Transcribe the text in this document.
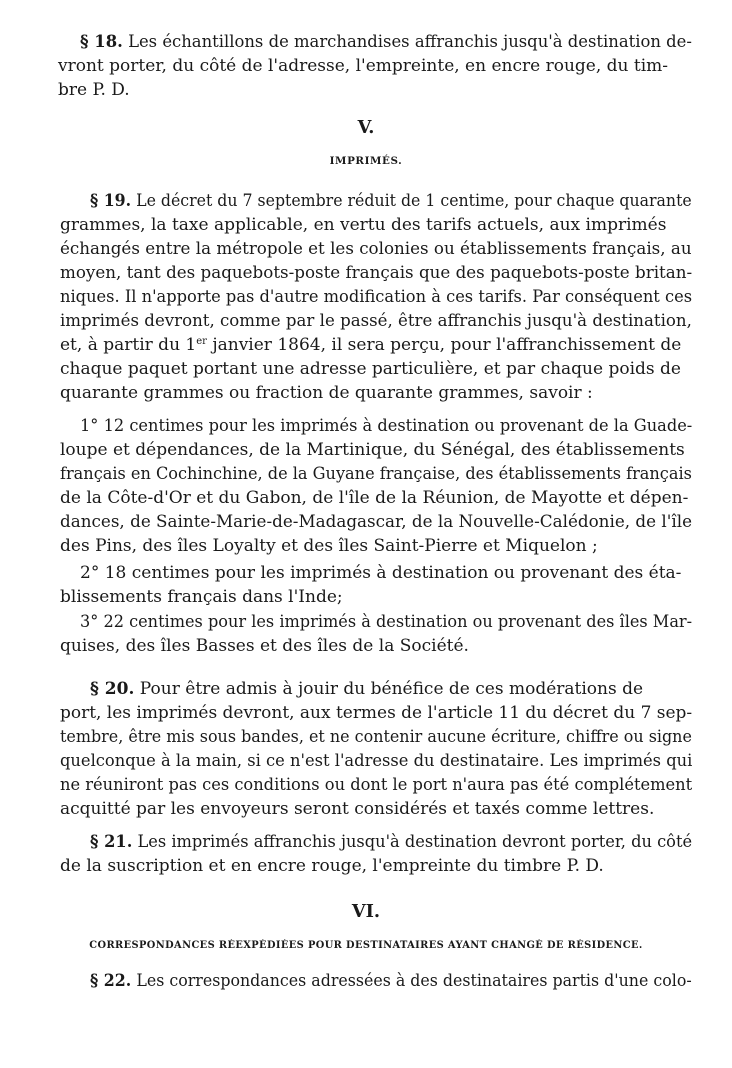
§ 18. Les échantillons de marchandises affranchis jusqu'à destination de-
vront porter, du côté de l'adresse, l'empreinte, en encre rouge, du tim-
bre P. D.
V.
IMPRIMÉS.
§ 19. Le décret du 7 septembre réduit de 1 centime, pour chaque quarante
grammes, la taxe applicable, en vertu des tarifs actuels, aux imprimés
échangés entre la métropole et les colonies ou établissements français, au
moyen, tant des paquebots-poste français que des paquebots-poste britan-
niques. Il n'apporte pas d'autre modification à ces tarifs. Par conséquent ces
imprimés devront, comme par le passé, être affranchis jusqu'à destination,
et, à partir du 1er janvier 1864, il sera perçu, pour l'affranchissement de
chaque paquet portant une adresse particulière, et par chaque poids de
quarante grammes ou fraction de quarante grammes, savoir :
1° 12 centimes pour les imprimés à destination ou provenant de la Guade-
loupe et dépendances, de la Martinique, du Sénégal, des établissements
français en Cochinchine, de la Guyane française, des établissements français
de la Côte-d'Or et du Gabon, de l'île de la Réunion, de Mayotte et dépen-
dances, de Sainte-Marie-de-Madagascar, de la Nouvelle-Calédonie, de l'île
des Pins, des îles Loyalty et des îles Saint-Pierre et Miquelon ;
2° 18 centimes pour les imprimés à destination ou provenant des éta-
blissements français dans l'Inde;
3° 22 centimes pour les imprimés à destination ou provenant des îles Mar-
quises, des îles Basses et des îles de la Société.
§ 20. Pour être admis à jouir du bénéfice de ces modérations de
port, les imprimés devront, aux termes de l'article 11 du décret du 7 sep-
tembre, être mis sous bandes, et ne contenir aucune écriture, chiffre ou signe
quelconque à la main, si ce n'est l'adresse du destinataire. Les imprimés qui
ne réuniront pas ces conditions ou dont le port n'aura pas été complétement
acquitté par les envoyeurs seront considérés et taxés comme lettres.
§ 21. Les imprimés affranchis jusqu'à destination devront porter, du côté
de la suscription et en encre rouge, l'empreinte du timbre P. D.
VI.
CORRESPONDANCES RÉEXPÉDIÉES POUR DESTINATAIRES AYANT CHANGÉ DE RÉSIDENCE.
§ 22. Les correspondances adressées à des destinataires partis d'une colo-
